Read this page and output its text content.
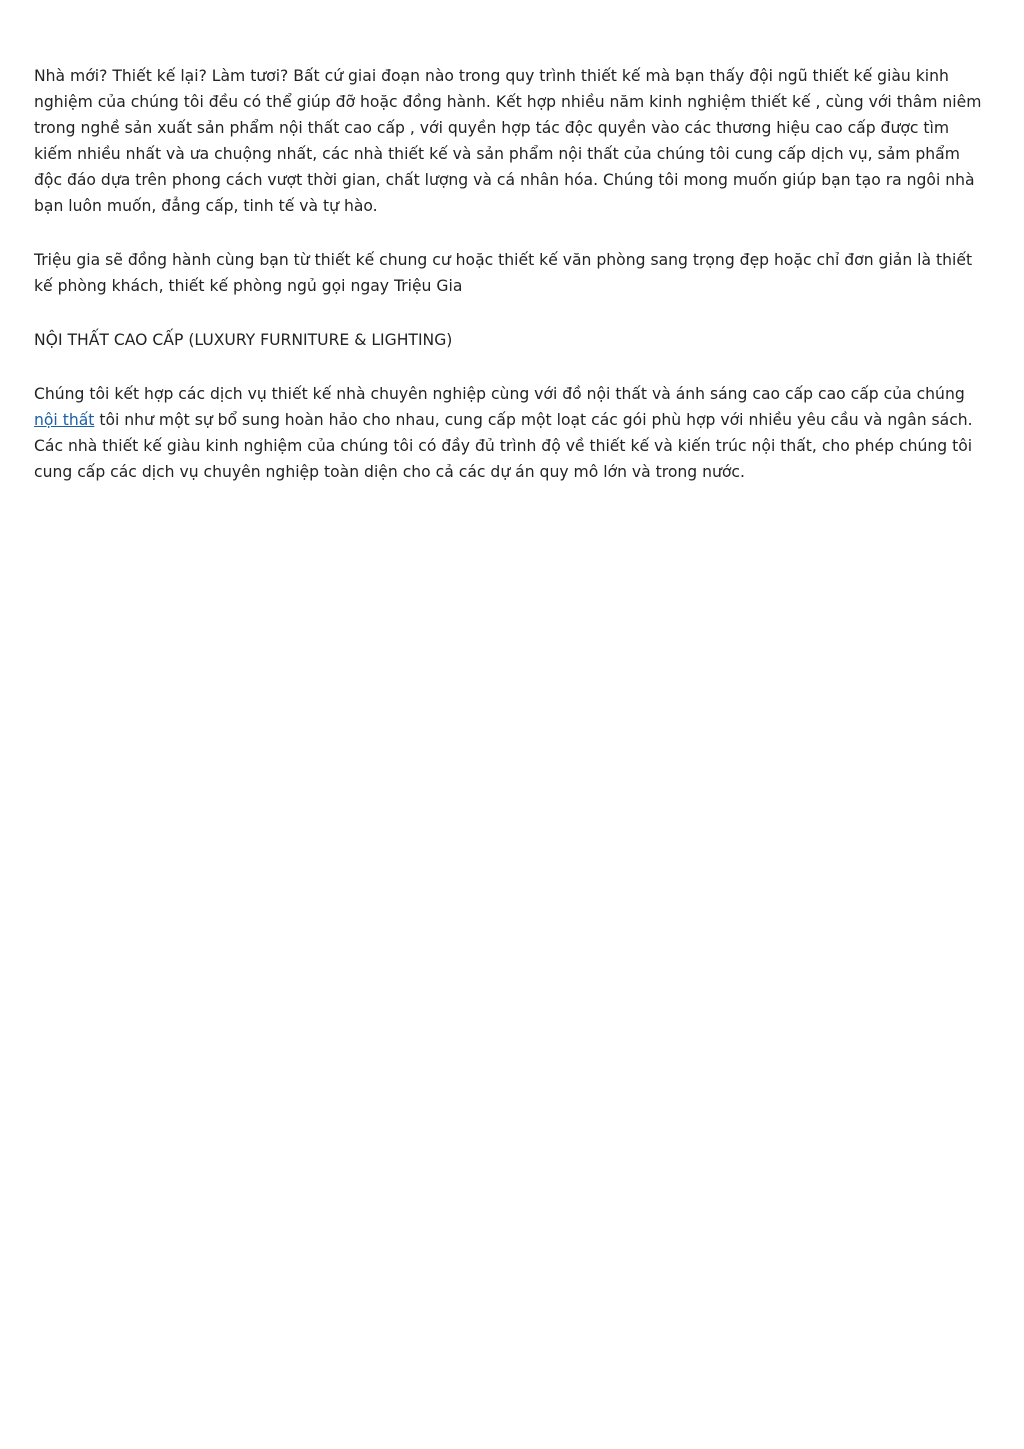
Nhà mới? Thiết kế lại? Làm tươi? Bất cứ giai đoạn nào trong quy trình thiết kế mà bạn thấy đội ngũ thiết kế giàu kinh nghiệm của chúng tôi đều có thể giúp đỡ hoặc đồng hành. Kết hợp nhiều năm kinh nghiệm thiết kế , cùng với thâm niêm trong nghề sản xuất sản phẩm nội thất cao cấp , với quyền hợp tác độc quyền vào các thương hiệu cao cấp được tìm kiếm nhiều nhất và ưa chuộng nhất, các nhà thiết kế và sản phẩm nội thất của chúng tôi cung cấp dịch vụ, sảm phẩm độc đáo dựa trên phong cách vượt thời gian, chất lượng và cá nhân hóa. Chúng tôi mong muốn giúp bạn tạo ra ngôi nhà bạn luôn muốn, đẳng cấp, tinh tế và tự hào.

Triệu gia sẽ đồng hành cùng bạn từ thiết kế chung cư hoặc thiết kế văn phòng sang trọng đẹp hoặc chỉ đơn giản là thiết kế phòng khách, thiết kế phòng ngủ gọi ngay Triệu Gia

NỘI THẤT CAO CẤP (LUXURY FURNITURE & LIGHTING)

Chúng tôi kết hợp các dịch vụ thiết kế nhà chuyên nghiệp cùng với đồ nội thất và ánh sáng cao cấp cao cấp của chúng nội thất tôi như một sự bổ sung hoàn hảo cho nhau, cung cấp một loạt các gói phù hợp với nhiều yêu cầu và ngân sách. Các nhà thiết kế giàu kinh nghiệm của chúng tôi có đầy đủ trình độ về thiết kế và kiến trúc nội thất, cho phép chúng tôi cung cấp các dịch vụ chuyên nghiệp toàn diện cho cả các dự án quy mô lớn và trong nước.
